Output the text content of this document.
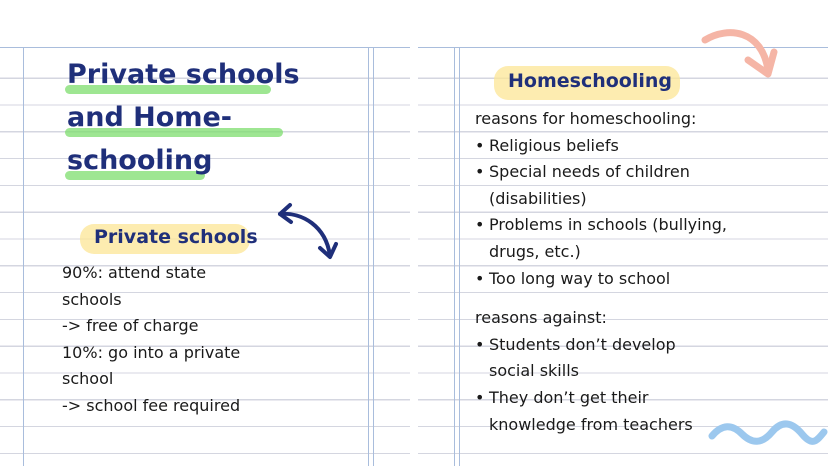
Private schools
and Home-
schooling
Private schools

90%: attend state

schools

-> free of charge

10%: go into a private

school

-> school fee required

Homeschooling

reasons for homeschooling:

• Religious beliefs
• Special needs of children
(disabilities)
• Problems in schools (bullying,
drugs, etc.)
• Too long way to school

reasons against:

• Students don’t develop
social skills
• They don’t get their
knowledge from teachers
